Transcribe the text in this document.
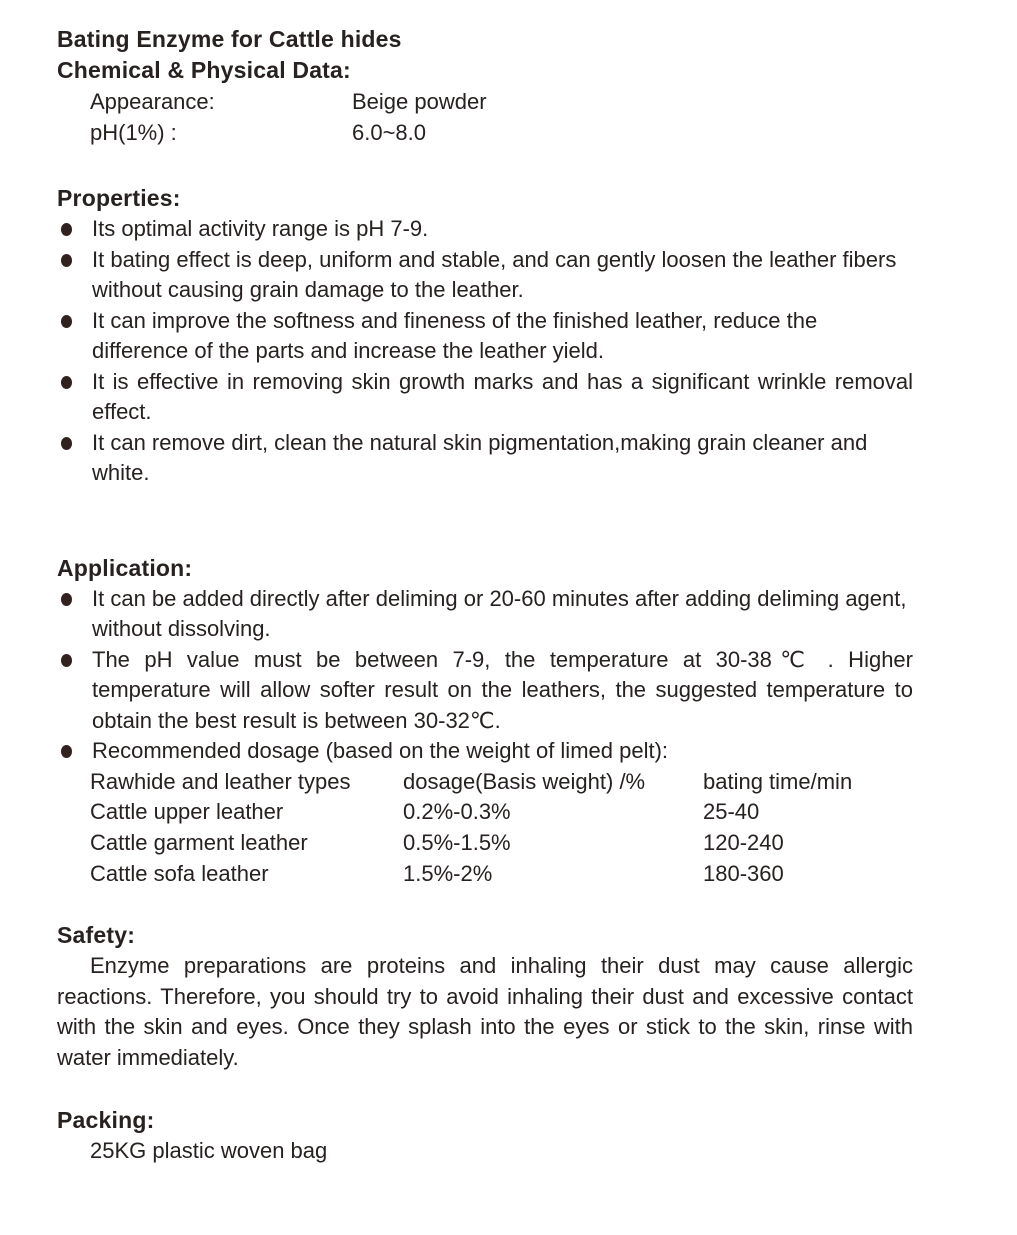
Bating Enzyme for Cattle hides
Chemical & Physical Data:
Appearance:	Beige powder
pH(1%) :	6.0~8.0
Properties:
Its optimal activity range is pH 7-9.
It bating effect is deep, uniform and stable, and can gently loosen the leather fibers without causing grain damage to the leather.
It can improve the softness and fineness of the finished leather, reduce the difference of the parts and increase the leather yield.
It is effective in removing skin growth marks and has a significant wrinkle removal effect.
It can remove dirt, clean the natural skin pigmentation,making grain cleaner and white.
Application:
It can be added directly after deliming or 20-60 minutes after adding deliming agent, without dissolving.
The pH value must be between 7-9, the temperature at 30-38℃ . Higher temperature will allow softer result on the leathers, the suggested temperature to obtain the best result is between 30-32℃.
Recommended dosage (based on the weight of limed pelt):
Rawhide and leather types	dosage(Basis weight) /%	bating time/min
Cattle upper leather	0.2%-0.3%	25-40
Cattle garment leather	0.5%-1.5%	120-240
Cattle sofa leather	1.5%-2%	180-360
Safety:

Enzyme preparations are proteins and inhaling their dust may cause allergic reactions. Therefore, you should try to avoid inhaling their dust and excessive contact with the skin and eyes. Once they splash into the eyes or stick to the skin, rinse with water immediately.

Packing:
25KG plastic woven bag
